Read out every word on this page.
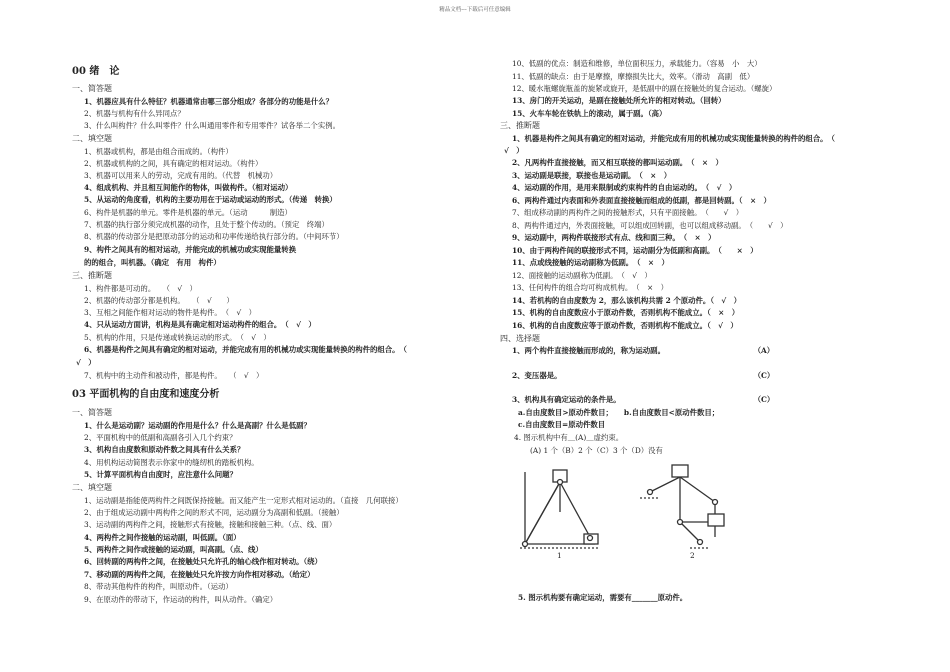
精品文档---下载后可任意编辑
00 绪　论
一、简答题
1、机器应具有什么特征？机器通常由哪三部分组成？各部分的功能是什么？
2、机器与机构有什么异同点？
3、什么叫构件？什么叫零件？什么叫通用零件和专用零件？试各举二个实例。
二、填空题
1、机器或机构，都是由组合而成的。（构件）
2、机器或机构的之间，具有确定的相对运动。（构件）
3、机器可以用来人的劳动，完成有用的。（代替　机械功）
4、组成机构、并且相互间能作的物体，叫做构件。（相对运动）
5、从运动的角度看，机构的主要功用在于运动或运动的形式。（传递　转换）
6、构件是机器的单元。零件是机器的单元。（运动　　　制造）
7、机器的执行部分须完成机器的动作，且处于整个传动的。（预定　终端）
8、机器的传动部分是把原动部分的运动和功率传递给执行部分的。（中间环节）
9、构件之间具有的相对运动，并能完成的机械功或实现能量转换
的的组合，叫机器。（确定　有用　构件）
三、推断题
1、构件都是可动的。　　（　√　）
2、机器的传动部分都是机构。　　（　√　　）
3、互相之间能作相对运动的物件是构件。　（　√　）
4、只从运动方面讲，机构是具有确定相对运动构件的组合。　（　√　）
5、机构的作用，只是传递或转换运动的形式。　（　√　）
6、机器是构件之间具有确定的相对运动，并能完成有用的机械功或实现能量转换的构件的组合。　（
√　）
7、机构中的主动件和被动件，都是构件。　　（　√　）
03 平面机构的自由度和速度分析
一、简答题
1、什么是运动副？运动副的作用是什么？什么是高副？什么是低副？
2、平面机构中的低副和高副各引入几个约束？
3、机构自由度数和原动件数之间具有什么关系？
4、用机构运动简图表示你家中的缝纫机的踏板机构。
5、计算平面机构自由度时，应注意什么问题？
二、填空题
1、运动副是指能使两构件之间既保持接触。而又能产生一定形式相对运动的。（直接　几何联接）
2、由于组成运动副中两构件之间的形式不同，运动副分为高副和低副。（接触）
3、运动副的两构件之间，接触形式有接触，接触和接触三种。（点、线、面）
4、两构件之间作接触的运动副，叫低副。（面）
5、两构件之间作或接触的运动副，叫高副。（点、线）
6、回转副的两构件之间，在接触处只允许孔的轴心线作相对转动。（绕）
7、移动副的两构件之间，在接触处只允许按方向作相对移动。（给定）
8、带动其他构件的构件，叫原动件。（运动）
9、在原动件的带动下，作运动的构件，叫从动件。（确定）
10、低副的优点：制造和维修，单位面积压力，承载能力。（容易　小　大）
11、低副的缺点：由于是摩擦，摩擦损失比大，效率。（滑动　高副　低）
12、暖水瓶螺旋瓶盖的旋紧或旋开，是低副中的副在接触处的复合运动。（螺旋）
13、房门的开关运动，是副在接触处所允许的相对转动。（回转）
15、火车车轮在铁轨上的滚动，属于副。（高）
三、推断题
1、机器是构件之间具有确定的相对运动，并能完成有用的机械功或实现能量转换的构件的组合。　（
√　）
2、凡两构件直接接触，而又相互联接的都叫运动副。　（　×　）
3、运动副是联接，联接也是运动副。　（　×　）
4、运动副的作用，是用来限制或约束构件的自由运动的。　（　√　）
6、两构件通过内表面和外表面直接接触而组成的低副，都是回转副。（　×　）
7、组成移动副的两构件之间的接触形式，只有平面接触。　（　　√　）
8、两构件通过内，外表面接触，可以组成回转副，也可以组成移动副。　（　　√　）
9、运动副中，两构件联接形式有点、线和面三种。　（　×　）
10、由于两构件间的联接形式不同，运动副分为低副和高副。　（　　×　）
11、点或线接触的运动副称为低副。　（　×　）
12、面接触的运动副称为低副。　（　√　）
13、任何构件的组合均可构成机构。　（　×　）
14、若机构的自由度数为 2，那么该机构共需 2 个原动件。（　√　）
15、机构的自由度数应小于原动件数，否则机构不能成立。（　×　）
16、机构的自由度数应等于原动件数，否则机构不能成立。（　√　）
四、选择题
1、两个构件直接接触而形成的，称为运动副。　　　　　　　　　　　　　（A）
2、变压器是。　　　　　　　　　　　　　　　　　　　　　　　　　　　（C）
3、机构具有确定运动的条件是。　　　　　　　　　　　　　　　　　　　（C）
a.自由度数目>原动件数目；　　b.自由度数目<原动件数目；
c.自由度数目=原动件数目
4. 图示机构中有＿(A)＿虚约束。
(A) 1 个（B）2 个（C）3 个（D）没有
1	2
5. 图示机构要有确定运动，需要有_______原动件。
